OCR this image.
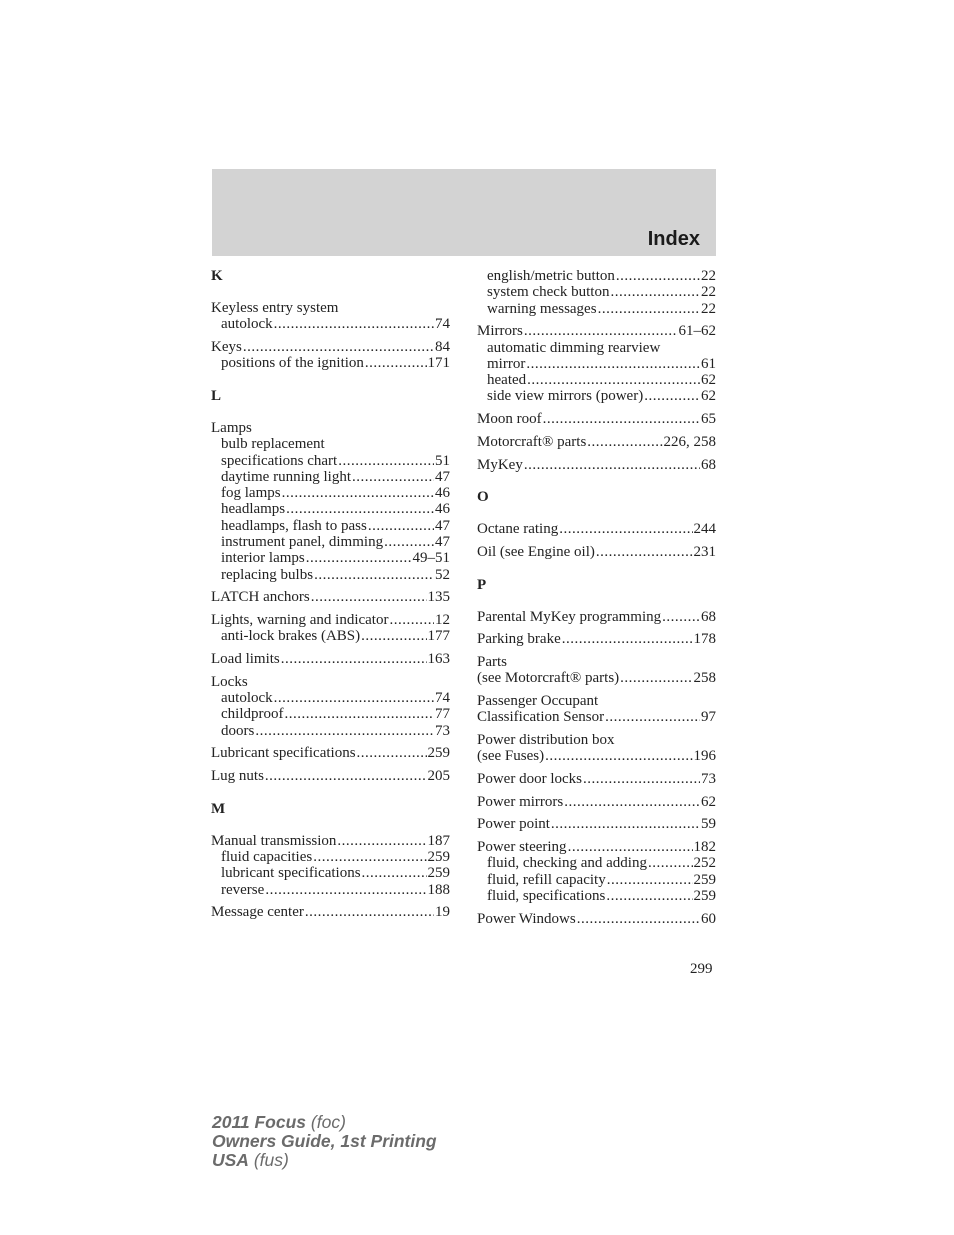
Index
K
Keyless entry system
autolock .....	74
Keys .....	84
positions of the ignition .....	171
L
Lamps
bulb replacement
specifications chart .....	51
daytime running light .....	47
fog lamps .....	46
headlamps .....	46
headlamps, flash to pass .....	47
instrument panel, dimming .....	47
interior lamps .....	49–51
replacing bulbs .....	52
LATCH anchors .....	135
Lights, warning and indicator .....	12
anti-lock brakes (ABS) .....	177
Load limits .....	163
Locks
autolock .....	74
childproof .....	77
doors .....	73
Lubricant specifications .....	259
Lug nuts .....	205
M
Manual transmission .....	187
fluid capacities .....	259
lubricant specifications .....	259
reverse .....	188
Message center .....	19
english/metric button .....	22
system check button .....	22
warning messages .....	22
Mirrors .....	61–62
automatic dimming rearview
mirror .....	61
heated .....	62
side view mirrors (power) .....	62
Moon roof .....	65
Motorcraft® parts .....	226, 258
MyKey .....	68
O
Octane rating .....	244
Oil (see Engine oil) .....	231
P
Parental MyKey programming .....	68
Parking brake .....	178
Parts
(see Motorcraft® parts) .....	258
Passenger Occupant
Classification Sensor .....	97
Power distribution box
(see Fuses) .....	196
Power door locks .....	73
Power mirrors .....	62
Power point .....	59
Power steering .....	182
fluid, checking and adding .....	252
fluid, refill capacity .....	259
fluid, specifications .....	259
Power Windows .....	60
299
2011 Focus (foc)
Owners Guide, 1st Printing
USA (fus)
